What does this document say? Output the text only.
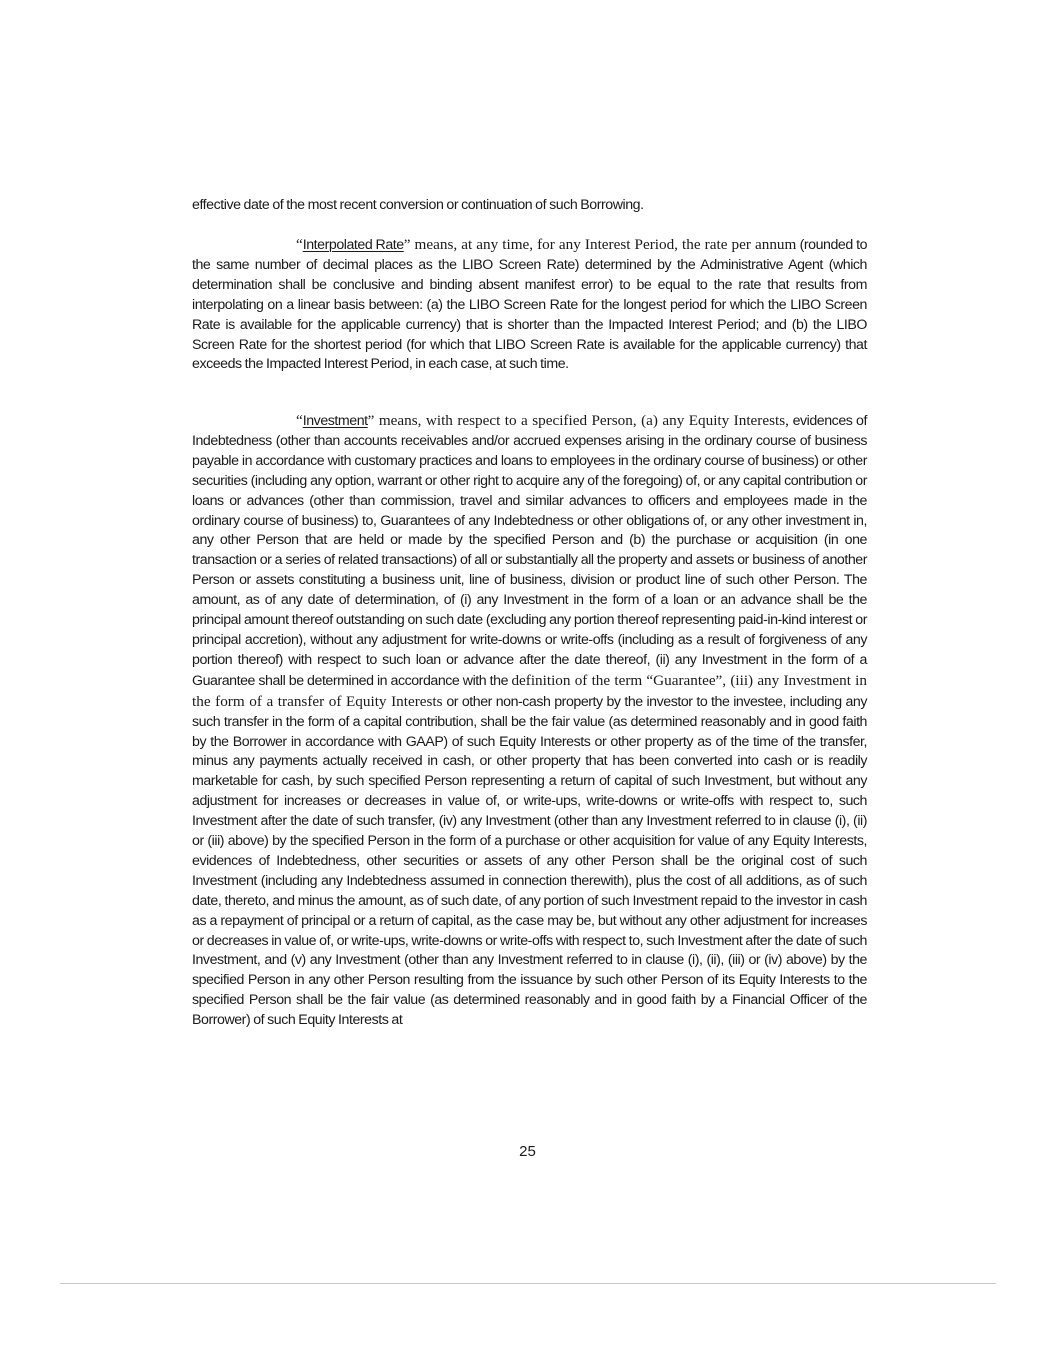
effective date of the most recent conversion or continuation of such Borrowing.
“Interpolated Rate” means, at any time, for any Interest Period, the rate per annum (rounded to the same number of decimal places as the LIBO Screen Rate) determined by the Administrative Agent (which determination shall be conclusive and binding absent manifest error) to be equal to the rate that results from interpolating on a linear basis between: (a) the LIBO Screen Rate for the longest period for which the LIBO Screen Rate is available for the applicable currency) that is shorter than the Impacted Interest Period; and (b) the LIBO Screen Rate for the shortest period (for which that LIBO Screen Rate is available for the applicable currency) that exceeds the Impacted Interest Period, in each case, at such time.
“Investment” means, with respect to a specified Person, (a) any Equity Interests, evidences of Indebtedness (other than accounts receivables and/or accrued expenses arising in the ordinary course of business payable in accordance with customary practices and loans to employees in the ordinary course of business) or other securities (including any option, warrant or other right to acquire any of the foregoing) of, or any capital contribution or loans or advances (other than commission, travel and similar advances to officers and employees made in the ordinary course of business) to, Guarantees of any Indebtedness or other obligations of, or any other investment in, any other Person that are held or made by the specified Person and (b) the purchase or acquisition (in one transaction or a series of related transactions) of all or substantially all the property and assets or business of another Person or assets constituting a business unit, line of business, division or product line of such other Person. The amount, as of any date of determination, of (i) any Investment in the form of a loan or an advance shall be the principal amount thereof outstanding on such date (excluding any portion thereof representing paid-in-kind interest or principal accretion), without any adjustment for write-downs or write-offs (including as a result of forgiveness of any portion thereof) with respect to such loan or advance after the date thereof, (ii) any Investment in the form of a Guarantee shall be determined in accordance with the definition of the term “Guarantee”, (iii) any Investment in the form of a transfer of Equity Interests or other non-cash property by the investor to the investee, including any such transfer in the form of a capital contribution, shall be the fair value (as determined reasonably and in good faith by the Borrower in accordance with GAAP) of such Equity Interests or other property as of the time of the transfer, minus any payments actually received in cash, or other property that has been converted into cash or is readily marketable for cash, by such specified Person representing a return of capital of such Investment, but without any adjustment for increases or decreases in value of, or write-ups, write-downs or write-offs with respect to, such Investment after the date of such transfer, (iv) any Investment (other than any Investment referred to in clause (i), (ii) or (iii) above) by the specified Person in the form of a purchase or other acquisition for value of any Equity Interests, evidences of Indebtedness, other securities or assets of any other Person shall be the original cost of such Investment (including any Indebtedness assumed in connection therewith), plus the cost of all additions, as of such date, thereto, and minus the amount, as of such date, of any portion of such Investment repaid to the investor in cash as a repayment of principal or a return of capital, as the case may be, but without any other adjustment for increases or decreases in value of, or write-ups, write-downs or write-offs with respect to, such Investment after the date of such Investment, and (v) any Investment (other than any Investment referred to in clause (i), (ii), (iii) or (iv) above) by the specified Person in any other Person resulting from the issuance by such other Person of its Equity Interests to the specified Person shall be the fair value (as determined reasonably and in good faith by a Financial Officer of the Borrower) of such Equity Interests at
25
